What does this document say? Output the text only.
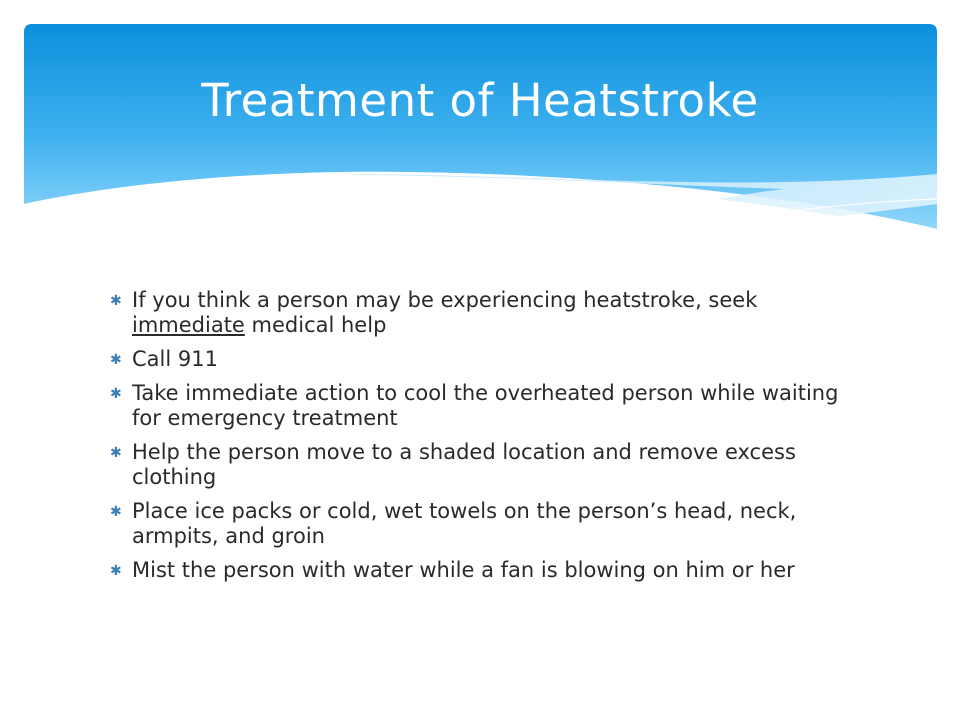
Treatment of Heatstroke
✱ If you think a person may be experiencing heatstroke, seek immediate medical help
✱ Call 911
✱ Take immediate action to cool the overheated person while waiting for emergency treatment
✱ Help the person move to a shaded location and remove excess clothing
✱ Place ice packs or cold, wet towels on the person’s head, neck, armpits, and groin
✱ Mist the person with water while a fan is blowing on him or her
